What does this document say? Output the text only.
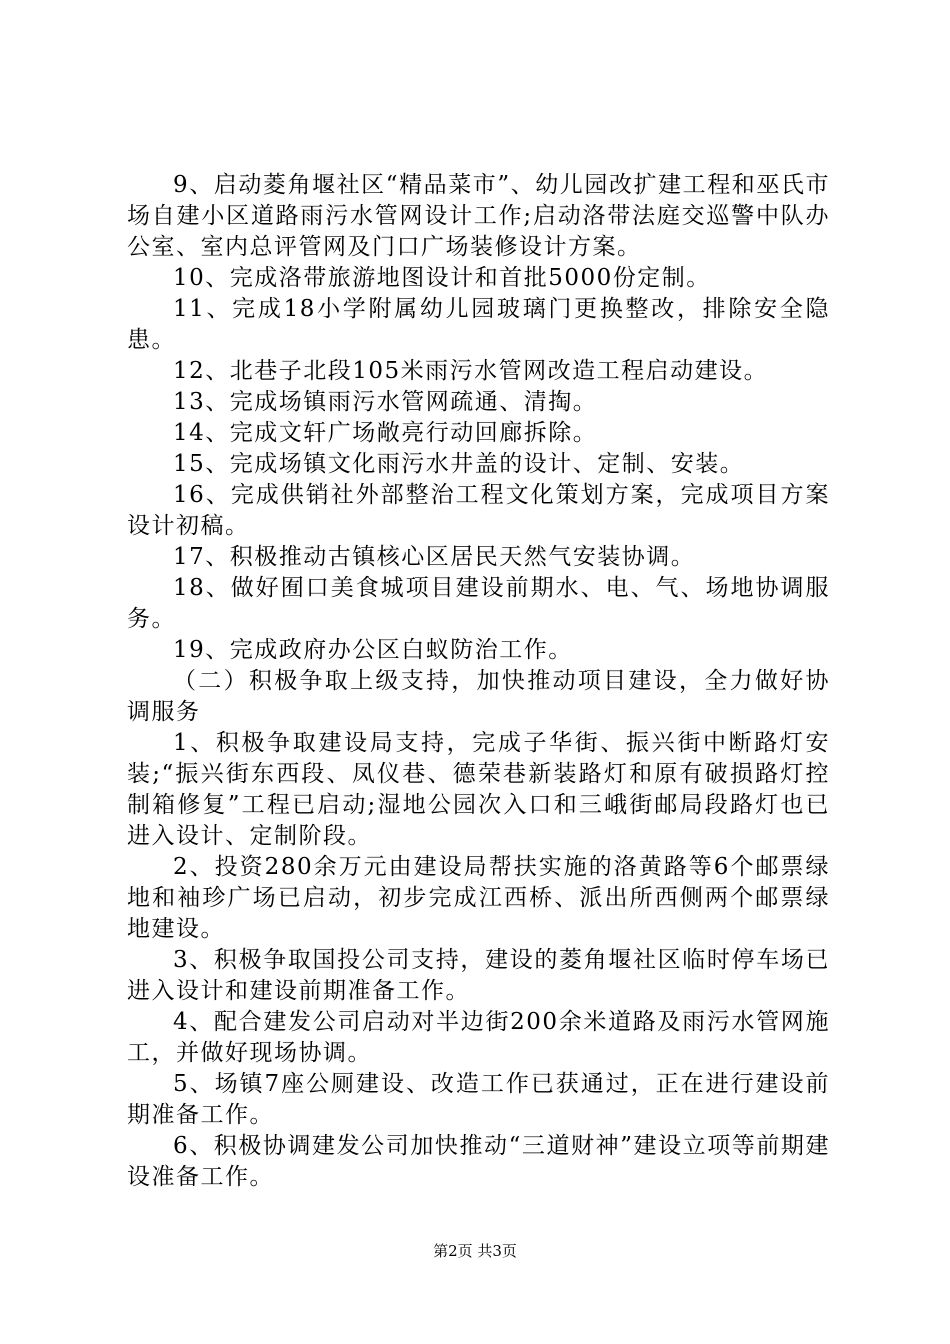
9、启动菱角堰社区“精品菜市”、幼儿园改扩建工程和巫氏市场自建小区道路雨污水管网设计工作;启动洛带法庭交巡警中队办公室、室内总评管网及门口广场装修设计方案。

10、完成洛带旅游地图设计和首批5000份定制。

11、完成18小学附属幼儿园玻璃门更换整改，排除安全隐患。

12、北巷子北段105米雨污水管网改造工程启动建设。

13、完成场镇雨污水管网疏通、清掏。

14、完成文轩广场敞亮行动回廊拆除。

15、完成场镇文化雨污水井盖的设计、定制、安装。

16、完成供销社外部整治工程文化策划方案，完成项目方案设计初稿。

17、积极推动古镇核心区居民天然气安装协调。

18、做好囿口美食城项目建设前期水、电、气、场地协调服务。

19、完成政府办公区白蚁防治工作。

（二）积极争取上级支持，加快推动项目建设，全力做好协调服务

1、积极争取建设局支持，完成子华街、振兴街中断路灯安装;“振兴街东西段、凤仪巷、德荣巷新装路灯和原有破损路灯控制箱修复”工程已启动;湿地公园次入口和三峨街邮局段路灯也已进入设计、定制阶段。

2、投资280余万元由建设局帮扶实施的洛黄路等6个邮票绿地和袖珍广场已启动，初步完成江西桥、派出所西侧两个邮票绿地建设。

3、积极争取国投公司支持，建设的菱角堰社区临时停车场已进入设计和建设前期准备工作。

4、配合建发公司启动对半边街200余米道路及雨污水管网施工，并做好现场协调。

5、场镇7座公厕建设、改造工作已获通过，正在进行建设前期准备工作。

6、积极协调建发公司加快推动“三道财神”建设立项等前期建设准备工作。

第2页 共3页
